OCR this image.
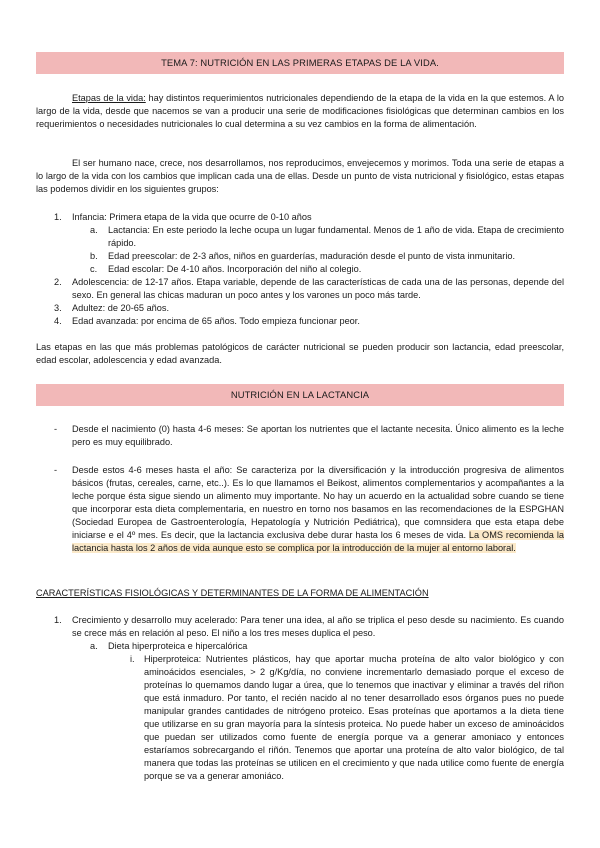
TEMA 7: NUTRICIÓN EN LAS PRIMERAS ETAPAS DE LA VIDA.
Etapas de la vida: hay distintos requerimientos nutricionales dependiendo de la etapa de la vida en la que estemos. A lo largo de la vida, desde que nacemos se van a producir una serie de modificaciones fisiológicas que determinan cambios en los requerimientos o necesidades nutricionales lo cual determina a su vez cambios en la forma de alimentación.
El ser humano nace, crece, nos desarrollamos, nos reproducimos, envejecemos y morimos. Toda una serie de etapas a lo largo de la vida con los cambios que implican cada una de ellas. Desde un punto de vista nutricional y fisiológico, estas etapas las podemos dividir en los siguientes grupos:
1. Infancia: Primera etapa de la vida que ocurre de 0-10 años
a. Lactancia: En este periodo la leche ocupa un lugar fundamental. Menos de 1 año de vida. Etapa de crecimiento rápido.
b. Edad preescolar: de 2-3 años, niños en guarderías, maduración desde el punto de vista inmunitario.
c. Edad escolar: De 4-10 años. Incorporación del niño al colegio.
2. Adolescencia: de 12-17 años. Etapa variable, depende de las características de cada una de las personas, depende del sexo. En general las chicas maduran un poco antes y los varones un poco más tarde.
3. Adultez: de 20-65 años.
4. Edad avanzada: por encima de 65 años. Todo empieza funcionar peor.
Las etapas en las que más problemas patológicos de carácter nutricional se pueden producir son lactancia, edad preescolar, edad escolar, adolescencia y edad avanzada.
NUTRICIÓN EN LA LACTANCIA
- Desde el nacimiento (0) hasta 4-6 meses: Se aportan los nutrientes que el lactante necesita. Único alimento es la leche pero es muy equilibrado.
- Desde estos 4-6 meses hasta el año: Se caracteriza por la diversificación y la introducción progresiva de alimentos básicos (frutas, cereales, carne, etc..). Es lo que llamamos el Beikost, alimentos complementarios y acompañantes a la leche porque ésta sigue siendo un alimento muy importante. No hay un acuerdo en la actualidad sobre cuando se tiene que incorporar esta dieta complementaria, en nuestro en torno nos basamos en las recomendaciones de la ESPGHAN (Sociedad Europea de Gastroenterología, Hepatología y Nutrición Pediátrica), que comnsidera que esta etapa debe iniciarse e el 4º mes. Es decir, que la lactancia exclusiva debe durar hasta los 6 meses de vida. La OMS recomienda la lactancia hasta los 2 años de vida aunque esto se complica por la introducción de la mujer al entorno laboral.
CARACTERÍSTICAS FISIOLÓGICAS Y DETERMINANTES DE LA FORMA DE ALIMENTACIÓN
1. Crecimiento y desarrollo muy acelerado: Para tener una idea, al año se triplica el peso desde su nacimiento. Es cuando se crece más en relación al peso. El niño a los tres meses duplica el peso.
a. Dieta hiperproteica e hipercalórica
i. Hiperproteica: Nutrientes plásticos, hay que aportar mucha proteína de alto valor biológico y con aminoácidos esenciales, > 2 g/Kg/día, no conviene incrementarlo demasiado porque el exceso de proteínas lo quemamos dando lugar a úrea, que lo tenemos que inactivar y eliminar a través del riñon que está inmaduro. Por tanto, el recién nacido al no tener desarrollado esos órganos pues no puede manipular grandes cantidades de nitrógeno proteico. Esas proteínas que aportamos a la dieta tiene que utilizarse en su gran mayoría para la síntesis proteica. No puede haber un exceso de aminoácidos que puedan ser utilizados como fuente de energía porque va a generar amoniaco y entonces estaríamos sobrecargando el riñón. Tenemos que aportar una proteína de alto valor biológico, de tal manera que todas las proteínas se utilicen en el crecimiento y que nada utilice como fuente de energía porque se va a generar amoniáco.
